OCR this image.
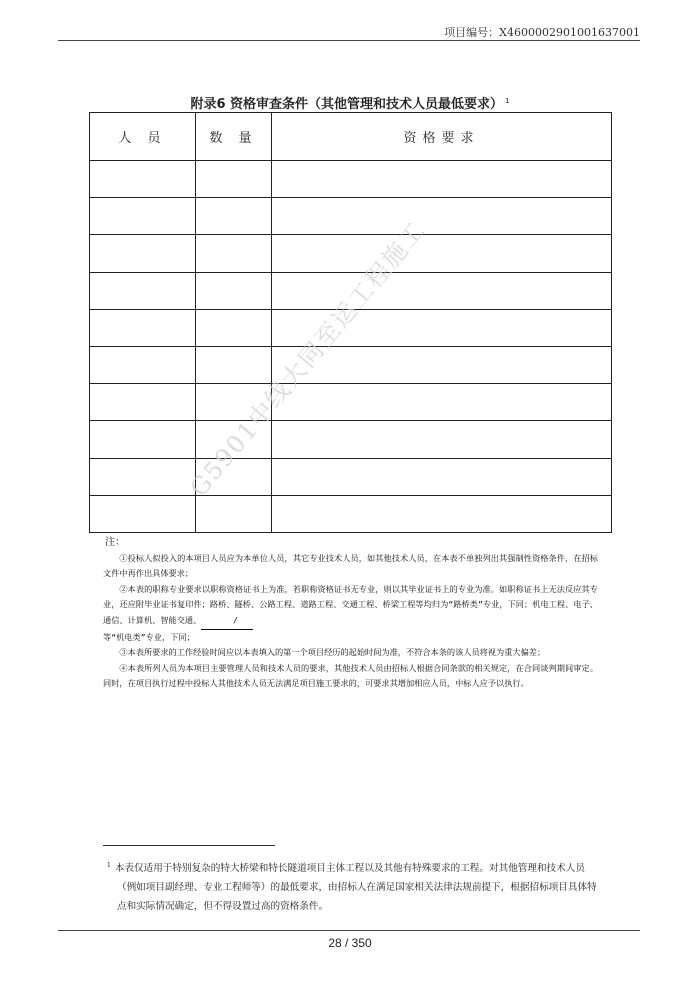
项目编号：X4600002901001637001
附录6 资格审查条件（其他管理和技术人员最低要求） $^1$
人 员	数 量	资格要求

注：

①投标人拟投入的本项目人员应为本单位人员，其它专业技术人员，如其他技术人员，在本表不单独列出其强制性资格条件，在招标文件中再作出具体要求；

②本表的职称专业要求以职称资格证书上为准，若职称资格证书无专业，则以其毕业证书上的专业为准。如职称证书上无法反应其专业，还应附毕业证书复印件；路桥、隧桥、公路工程、道路工程、交通工程、桥梁工程等均归为“路桥类”专业，下同；机电工程、电子、通信、计算机、智能交通、	/

等“机电类”专业，下同；

③本表所要求的工作经验时间应以本表填入的第一个项目经历的起始时间为准，不符合本条的该人员将视为重大偏差；

④本表所列人员为本项目主要管理人员和技术人员的要求，其他技术人员由招标人根据合同条款的相关规定，在合同谈判期间审定。同时，在项目执行过程中投标人其他技术人员无法满足项目施工要求的，可要求其增加相应人员，中标人应予以执行。

G5901中线大同至运工程施工

$^1$ 本表仅适用于特别复杂的特大桥梁和特长隧道项目主体工程以及其他有特殊要求的工程。对其他管理和技术人员（例如项目副经理、专业工程师等）的最低要求，由招标人在满足国家相关法律法规前提下，根据招标项目具体特点和实际情况确定，但不得设置过高的资格条件。

28 / 350
